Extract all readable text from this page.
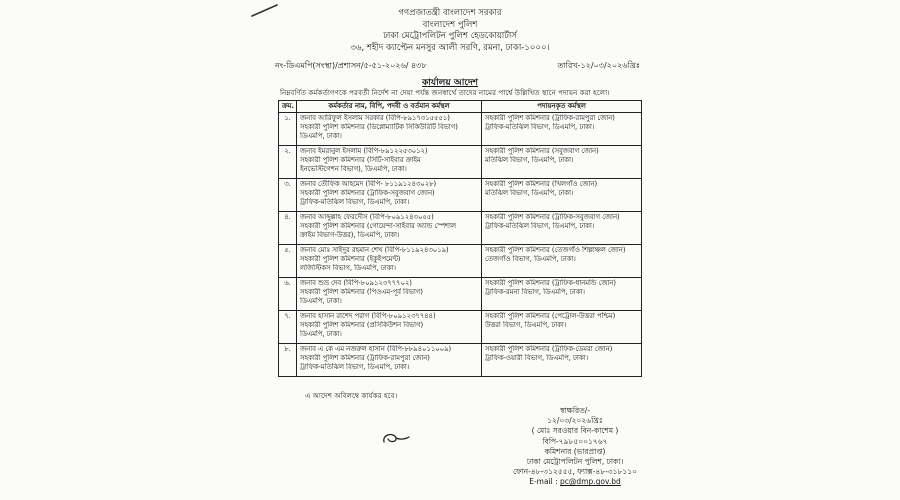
গণপ্রজাতন্ত্রী বাংলাদেশ সরকার
বাংলাদেশ পুলিশ
ঢাকা মেট্রোপলিটন পুলিশ হেডকোয়ার্টার্স
৩৬, শহীদ ক্যাপ্টেন মনসুর আলী সরণি, রমনা, ঢাকা-১০০০।
নং-ডিএমপি(সংস্থা)/প্রশাসন/৫-৫১-২০২৬/ ৪৩৮	তারিখ-১২/০৩/২০২৬খ্রিঃ
কার্যালয় আদেশ
নিম্নবর্ণিত কর্মকর্তাগণকে পরবর্তী নির্দেশ না দেয়া পর্যন্ত জনস্বার্থে তাদের নামের পার্শ্বে উল্লিখিত স্থানে পদায়ন করা হলো।
ক্রম.	কর্মকর্তার নাম, বিপি, পদবী ও বর্তমান কর্মস্থল	পদায়নকৃত কর্মস্থল
১.	জনাব আরিফুল ইসলাম সরকার (বিপি-৮৯১৭৩১৫৫৫১)
সহকারী পুলিশ কমিশনার (ডিপ্লোম্যাটিক সিকিউরিটি বিভাগ)
ডিএমপি, ঢাকা।	সহকারী পুলিশ কমিশনার (ট্রাফিক-রামপুরা জোন)
ট্রাফিক-মতিঝিল বিভাগ, ডিএমপি, ঢাকা।

২.	জনাব ইমরানুল ইসলাম (বিপি-৮৯১২২৫৩০১২)
সহকারী পুলিশ কমিশনার (সিটি-সাইবার ক্রাইম
ইনভেস্টিগেশন বিভাগ), ডিএমপি, ঢাকা।	সহকারী পুলিশ কমিশনার (সবুজবাগ জোন)
মতিঝিল বিভাগ, ডিএমপি, ঢাকা।

৩.	জনাব তৌফিক আহমেদ (বিপি- ৮১১৯১২৪৩০২৮)
সহকারী পুলিশ কমিশনার (ট্রাফিক-সবুজবাগ জোন)
ট্রাফিক-মতিঝিল বিভাগ, ডিএমপি, ঢাকা।	সহকারী পুলিশ কমিশনার (খিলগাঁও জোন)
মতিঝিল বিভাগ, ডিএমপি, ঢাকা।

৪.	জনাব আব্দুল্লাহ ফেরদৌস (বিপি-৮০৯১২৪৩০৫৫)
সহকারী পুলিশ কমিশনার (গোয়েন্দা-সাইবার অ্যান্ড স্পেশাল
ক্রাইম বিভাগ-উত্তর), ডিএমপি, ঢাকা।	সহকারী পুলিশ কমিশনার (ট্রাফিক-সবুজবাগ জোন)
ট্রাফিক-মতিঝিল বিভাগ, ডিএমপি, ঢাকা।

৫.	জনাব মোঃ সাইদুর রহমান শেখ (বিপি-৮১১৯২৪৩০১৯)
সহকারী পুলিশ কমিশনার (ইকুইপমেন্ট)
লজিস্টিকস বিভাগ, ডিএমপি, ঢাকা।	সহকারী পুলিশ কমিশনার (তেজগাঁও শিল্পাঞ্চল জোন)
তেজগাঁও বিভাগ, ডিএমপি, ঢাকা।

৬.	জনাব শুভ্র দেব (বিপি-৮০৯১২৩৭৭৭০২)
সহকারী পুলিশ কমিশনার (পিওএম-পূর্ব বিভাগ)
ডিএমপি, ঢাকা।	সহকারী পুলিশ কমিশনার (ট্রাফিক-ধানমন্ডি জোন)
ট্রাফিক-রমনা বিভাগ, ডিএমপি, ঢাকা।

৭.	জনাব হাসান রাশেদ পরাগ (বিপি-৮০৯১২৩৭৭৪৪)
সহকারী পুলিশ কমিশনার (প্রসিকিউশন বিভাগ)
ডিএমপি, ঢাকা।	সহকারী পুলিশ কমিশনার (পেট্রোল-উত্তরা পশ্চিম)
উত্তরা বিভাগ, ডিএমপি, ঢাকা।

৮.	জনাব এ কে এম নজরুল হাসান (বিপি-৮৮৯৪০১১০০৯)
সহকারী পুলিশ কমিশনার (ট্রাফিক-রামপুরা জোন)
ট্রাফিক-মতিঝিল বিভাগ, ডিএমপি, ঢাকা।	সহকারী পুলিশ কমিশনার (ট্রাফিক-ডেমরা জোন)
ট্রাফিক-ওয়ারী বিভাগ, ডিএমপি, ঢাকা।
এ আদেশ অবিলম্বে কার্যকর হবে।
স্বাক্ষরিত/-
১২/০৩/২০২৬খ্রিঃ
( মোঃ সরওয়ার বিন-কাশেম )
বিপি-৭৯৮৫০০১৭৬৭
কমিশনার (ভারপ্রাপ্ত)
ঢাকা মেট্রোপলিটন পুলিশ, ঢাকা।
ফোন-৪৮-৩১২৫৫৫, ফ্যাক্স-৪৮-৩১৮১১০
E-mail : pc@dmp.gov.bd
